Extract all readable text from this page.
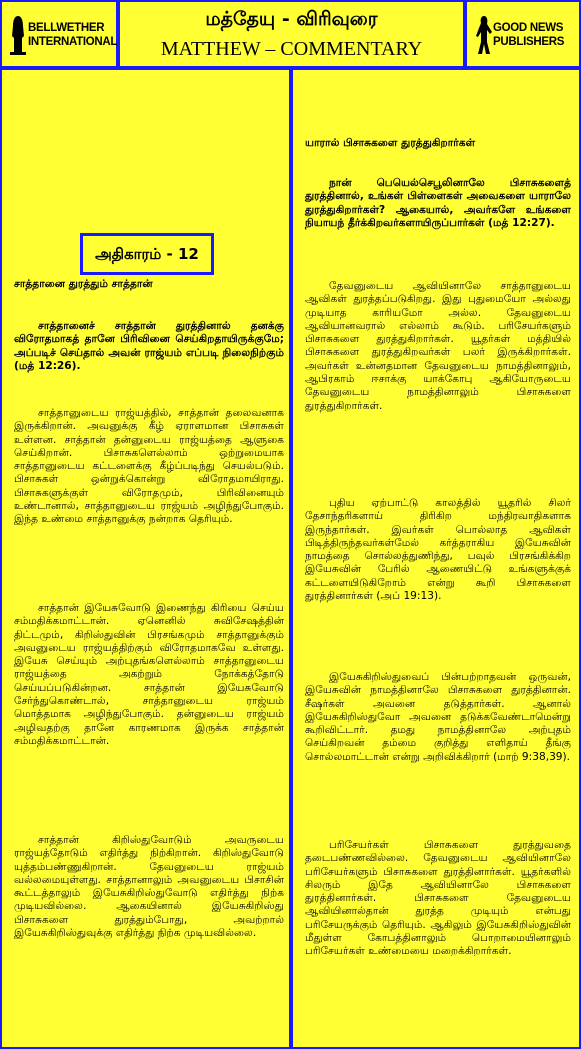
BELLWETHER
INTERNATIONAL
மத்தேயு - விரிவுரை
MATTHEW – COMMENTARY
GOOD NEWS
PUBLISHERS
அதிகாரம் - 12
சாத்தானை துரத்தும் சாத்தான்
சாத்தானைச் சாத்தான் துரத்தினால் தனக்கு விரோதமாகத் தானே பிரிவினை செய்கிறதாயிருக்குமே; அப்படிச் செய்தால் அவன் ராஜ்யம் எப்படி நிலைநிற்கும் (மத் 12:26).
சாத்தானுடைய ராஜ்யத்தில், சாத்தான் தலைவனாக இருக்கிறான். அவனுக்கு கீழ் ஏராளமான பிசாசுகள் உள்ளன. சாத்தான் தன்னுடைய ராஜ்யத்தை ஆளுகை செய்கிறான். பிசாசுகளெல்லாம் ஒற்றுமையாக சாத்தானுடைய கட்டளைக்கு கீழ்ப்படிந்து செயல்படும். பிசாசுகள் ஒன்றுக்கொன்று விரோதமாயிராது. பிசாசுகளுக்குள் விரோதமும், பிரிவினையும் உண்டானால், சாத்தானுடைய ராஜ்யம் அழிந்துபோகும். இந்த உண்மை சாத்தானுக்கு நன்றாக தெரியும்.
சாத்தான் இயேசுவோடு இணைந்து கிரியை செய்ய சம்மதிக்கமாட்டான். ஏனெனில் சுவிசேஷத்தின் திட்டமும், கிறிஸ்துவின் பிரசங்கமும் சாத்தானுக்கும் அவனுடைய ராஜ்யத்திற்கும் விரோதமாகவே உள்ளது. இயேசு செய்யும் அற்புதங்களெல்லாம் சாத்தானுடைய ராஜ்யத்தை அகற்றும் நோக்கத்தோடு செய்யப்படுகின்றன. சாத்தான் இயேசுவோடு சேர்ந்துகொண்டால், சாத்தானுடைய ராஜ்யம் மொத்தமாக அழிந்துபோகும். தன்னுடைய ராஜ்யம் அழிவதற்கு தானே காரணமாக இருக்க சாத்தான் சம்மதிக்கமாட்டான்.
சாத்தான் கிறிஸ்துவோடும் அவருடைய ராஜ்யத்தோடும் எதிர்த்து நிற்கிறான். கிறிஸ்துவோடு யுத்தம்பண்ணுகிறான். தேவனுடைய ராஜ்யம் வல்லமையுள்ளது. சாத்தானாலும் அவனுடைய பிசாசின் கூட்டத்தாலும் இயேசுகிறிஸ்துவோடு எதிர்த்து நிற்க முடியவில்லை. ஆகையினால் இயேசுகிறிஸ்து பிசாசுகளை துரத்தும்போது, அவற்றால் இயேசுகிறிஸ்துவுக்கு எதிர்த்து நிற்க முடியவில்லை.
யாரால் பிசாசுகளை துரத்துகிறார்கள்
நான் பெயெல்செபூலினாலே பிசாசுகளைத் துரத்தினால், உங்கள் பிள்ளைகள் அவைகளை யாராலே துரத்துகிறார்கள்? ஆகையால், அவர்களே உங்களை நியாயந் தீர்க்கிறவர்களாயிருப்பார்கள் (மத் 12:27).
தேவனுடைய ஆவியினாலே சாத்தானுடைய ஆவிகள் துரத்தப்படுகிறது. இது புதுமையோ அல்லது முடியாத காரியமோ அல்ல. தேவனுடைய ஆவியானவரால் எல்லாம் கூடும். பரிசேயர்களும் பிசாசுகளை துரத்துகிறார்கள். யூதர்கள் மத்தியில் பிசாசுகளை துரத்துகிறவர்கள் பலர் இருக்கிறார்கள். அவர்கள் உன்னதமான தேவனுடைய நாமத்தினாலும், ஆபிரகாம் ஈசாக்கு யாக்கோபு ஆகியோருடைய தேவனுடைய நாமத்தினாலும் பிசாசுகளை துரத்துகிறார்கள்.
புதிய ஏற்பாட்டு காலத்தில் யூதரில் சிலர் தேசாந்தரிகளாய் திரிகிற மந்திரவாதிகளாக இருந்தார்கள். இவர்கள் பொல்லாத ஆவிகள் பிடித்திருந்தவர்கள்மேல் கர்த்தராகிய இயேசுவின் நாமத்தை சொல்லத்துணிந்து, பவுல் பிரசங்கிக்கிற இயேசுவின் பேரில் ஆணையிட்டு உங்களுக்குக் கட்டளையிடுகிறோம் என்று கூறி பிசாசுகளை துரத்தினார்கள் (அப் 19:13).
இயேசுகிறிஸ்துவைப் பின்பற்றாதவன் ஒருவன், இயேசுவின் நாமத்தினாலே பிசாசுகளை துரத்தினான். சீஷர்கள் அவனை தடுத்தார்கள். ஆனால் இயேசுகிறிஸ்துவோ அவனை தடுக்கவேண்டாமென்று கூறிவிட்டார். தமது நாமத்தினாலே அற்புதம் செய்கிறவன் தம்மை குறித்து எளிதாய் தீங்கு சொல்லமாட்டான் என்று அறிவிக்கிறார் (மாற் 9:38,39).
பரிசேயர்கள் பிசாசுகளை துரத்துவதை தடைபண்ணவில்லை. தேவனுடைய ஆவியினாலே பரிசேயர்களும் பிசாசுகளை துரத்தினார்கள். யூதர்களில் சிலரும் இதே ஆவியினாலே பிசாசுகளை துரத்தினார்கள். பிசாசுகளை தேவனுடைய ஆவியினால்தான் துரத்த முடியும் என்பது பரிசேயருக்கும் தெரியும். ஆகிலும் இயேசுகிறிஸ்துவின் மீதுள்ள கோபத்தினாலும் பொறாமையினாலும் பரிசேயர்கள் உண்மையை மறைக்கிறார்கள்.
